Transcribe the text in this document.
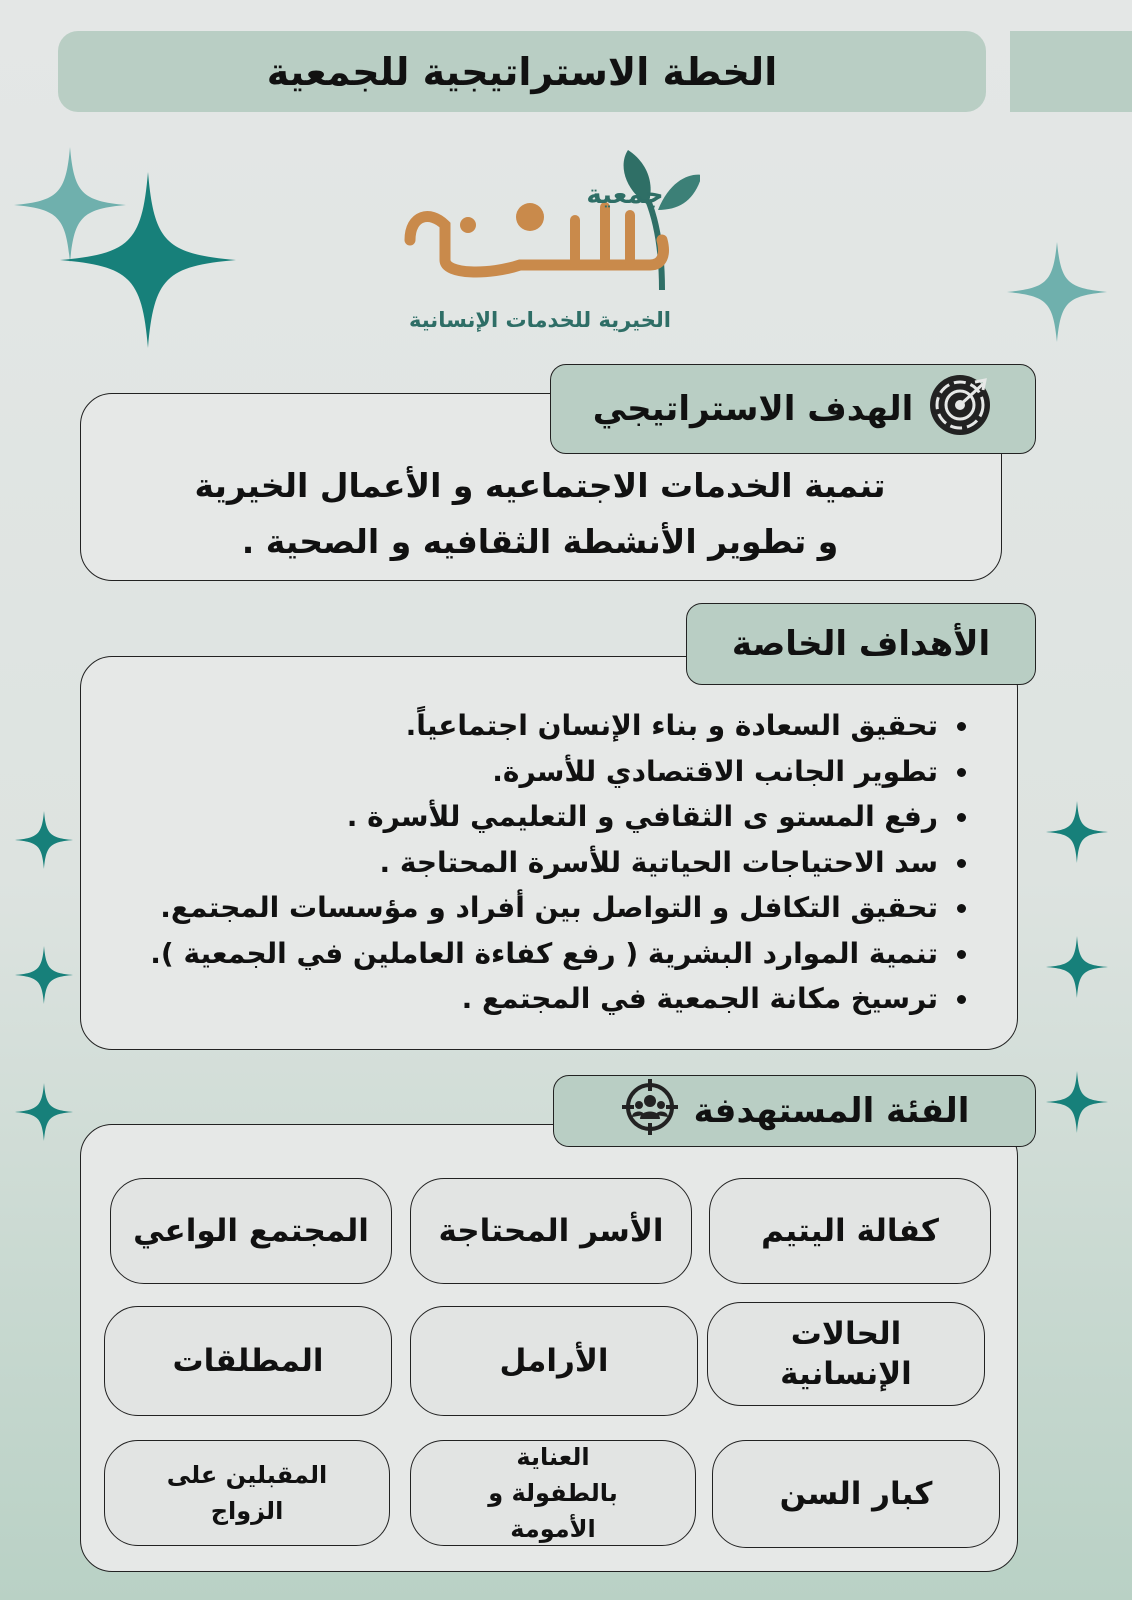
الخطة الاستراتيجية للجمعية
جمعية
الخيرية للخدمات الإنسانية
الهدف الاستراتيجي
تنمية الخدمات الاجتماعيه و الأعمال الخيرية
و تطوير الأنشطة الثقافيه و الصحية .
الأهداف الخاصة
• تحقيق السعادة و بناء الإنسان اجتماعياً.
• تطوير الجانب الاقتصادي للأسرة.
• رفع المستو ى الثقافي و التعليمي للأسرة .
• سد الاحتياجات الحياتية للأسرة المحتاجة .
• تحقيق التكافل و التواصل بين أفراد و مؤسسات المجتمع.
• تنمية الموارد البشرية ( رفع كفاءة العاملين في الجمعية ).
• ترسيخ مكانة الجمعية في المجتمع .
الفئة المستهدفة
كفالة اليتيم
الأسر المحتاجة
المجتمع الواعي
الحالات الإنسانية
الأرامل
المطلقات
كبار السن
العناية بالطفولة و الأمومة
المقبلين على الزواج
